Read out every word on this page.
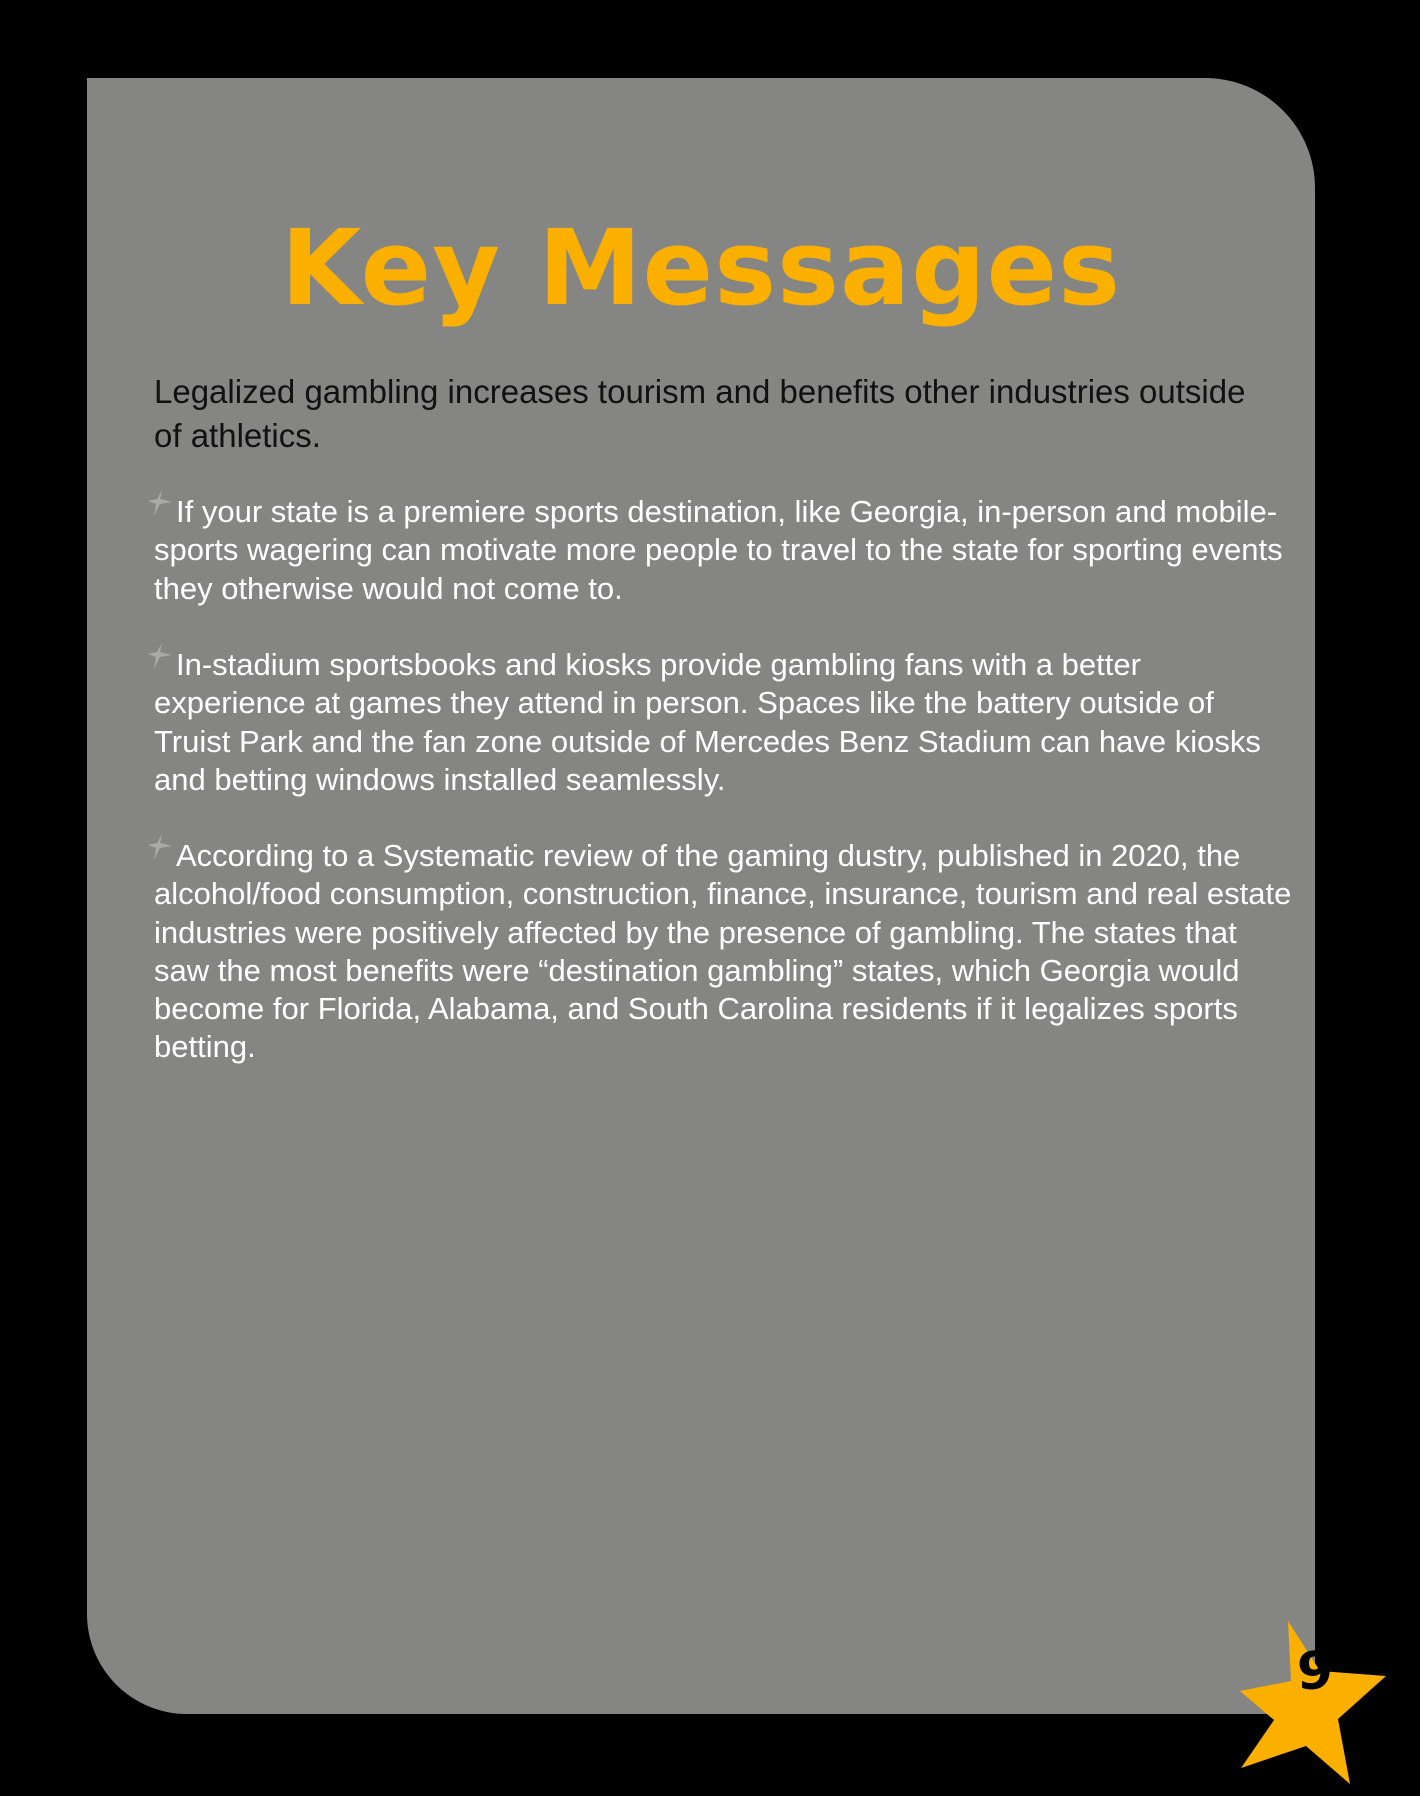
Key Messages

Legalized gambling increases tourism and benefits other industries outside of athletics.

If your state is a premiere sports destination, like Georgia, in-person and mobile-sports wagering can motivate more people to travel to the state for sporting events they otherwise would not come to.
In-stadium sportsbooks and kiosks provide gambling fans with a better experience at games they attend in person. Spaces like the battery outside of Truist Park and the fan zone outside of Mercedes Benz Stadium can have kiosks and betting windows installed seamlessly.
According to a Systematic review of the gaming dustry, published in 2020, the alcohol/food consumption, construction, finance, insurance, tourism and real estate industries were positively affected by the presence of gambling. The states that saw the most benefits were “destination gambling” states, which Georgia would become for Florida, Alabama, and South Carolina residents if it legalizes sports betting.
9
